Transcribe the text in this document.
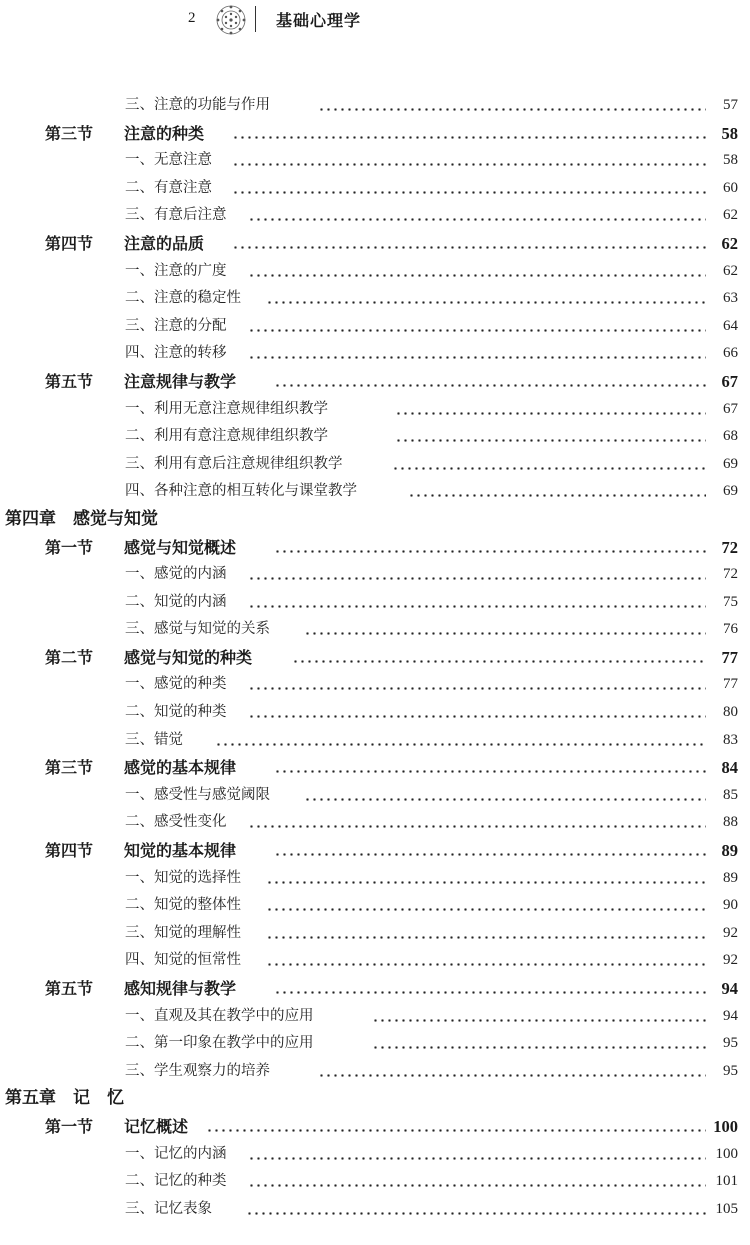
2	基础心理学
三、注意的功能与作用	57
第三节 注意的种类	58
一、无意注意	58
二、有意注意	60
三、有意后注意	62
第四节 注意的品质	62
一、注意的广度	62
二、注意的稳定性	63
三、注意的分配	64
四、注意的转移	66
第五节 注意规律与教学	67
一、利用无意注意规律组织教学	67
二、利用有意注意规律组织教学	68
三、利用有意后注意规律组织教学	69
四、各种注意的相互转化与课堂教学	69
第四章　感觉与知觉
第一节 感觉与知觉概述	72
一、感觉的内涵	72
二、知觉的内涵	75
三、感觉与知觉的关系	76
第二节 感觉与知觉的种类	77
一、感觉的种类	77
二、知觉的种类	80
三、错觉	83
第三节 感觉的基本规律	84
一、感受性与感觉阈限	85
二、感受性变化	88
第四节 知觉的基本规律	89
一、知觉的选择性	89
二、知觉的整体性	90
三、知觉的理解性	92
四、知觉的恒常性	92
第五节 感知规律与教学	94
一、直观及其在教学中的应用	94
二、第一印象在教学中的应用	95
三、学生观察力的培养	95
第五章　记　忆
第一节 记忆概述	100
一、记忆的内涵	100
二、记忆的种类	101
三、记忆表象	105
